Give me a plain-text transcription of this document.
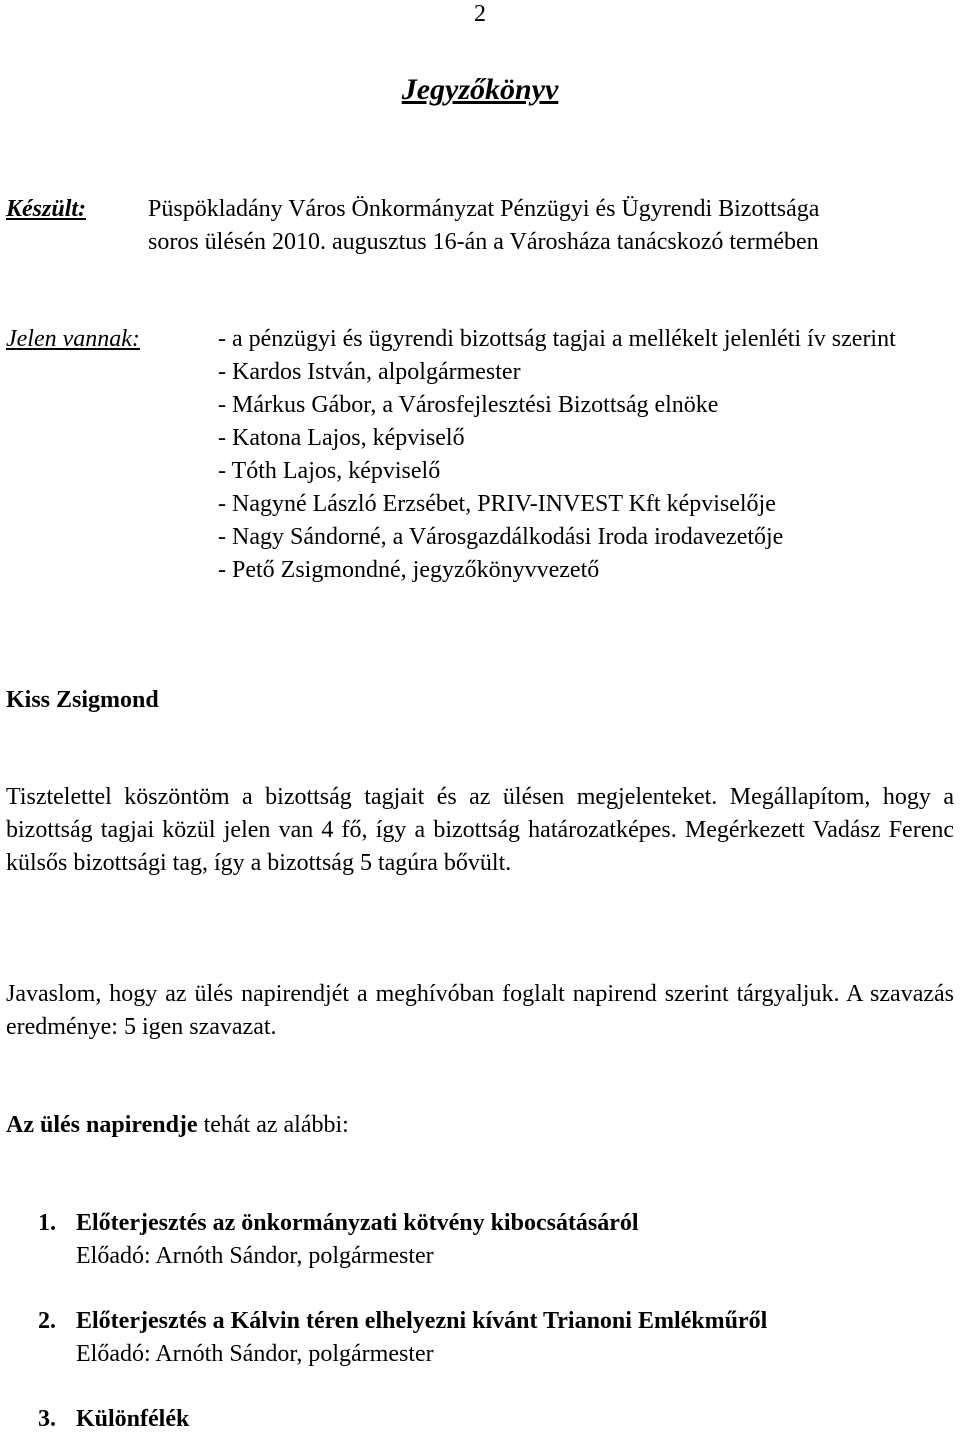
2
Jegyzőkönyv
Készült:	Püspökladány Város Önkormányzat Pénzügyi és Ügyrendi Bizottsága soros ülésén 2010. augusztus 16-án a Városháza tanácskozó termében
Jelen vannak:	- a pénzügyi és ügyrendi bizottság tagjai a mellékelt jelenléti ív szerint
- Kardos István, alpolgármester
- Márkus Gábor, a Városfejlesztési Bizottság elnöke
- Katona Lajos, képviselő
- Tóth Lajos, képviselő
- Nagyné László Erzsébet, PRIV-INVEST Kft képviselője
- Nagy Sándorné, a Városgazdálkodási Iroda irodavezetője
- Pető Zsigmondné, jegyzőkönyvvezető
Kiss Zsigmond
Tisztelettel köszöntöm a bizottság tagjait és az ülésen megjelenteket. Megállapítom, hogy a bizottság tagjai közül jelen van 4 fő, így a bizottság határozatképes. Megérkezett Vadász Ferenc külsős bizottsági tag, így a bizottság 5 tagúra bővült.
Javaslom, hogy az ülés napirendjét a meghívóban foglalt napirend szerint tárgyaljuk. A szavazás eredménye: 5 igen szavazat.
Az ülés napirendje tehát az alábbi:
1. Előterjesztés az önkormányzati kötvény kibocsátásáról
Előadó: Arnóth Sándor, polgármester
2. Előterjesztés a Kálvin téren elhelyezni kívánt Trianoni Emlékműről
Előadó: Arnóth Sándor, polgármester
3. Különfélék
